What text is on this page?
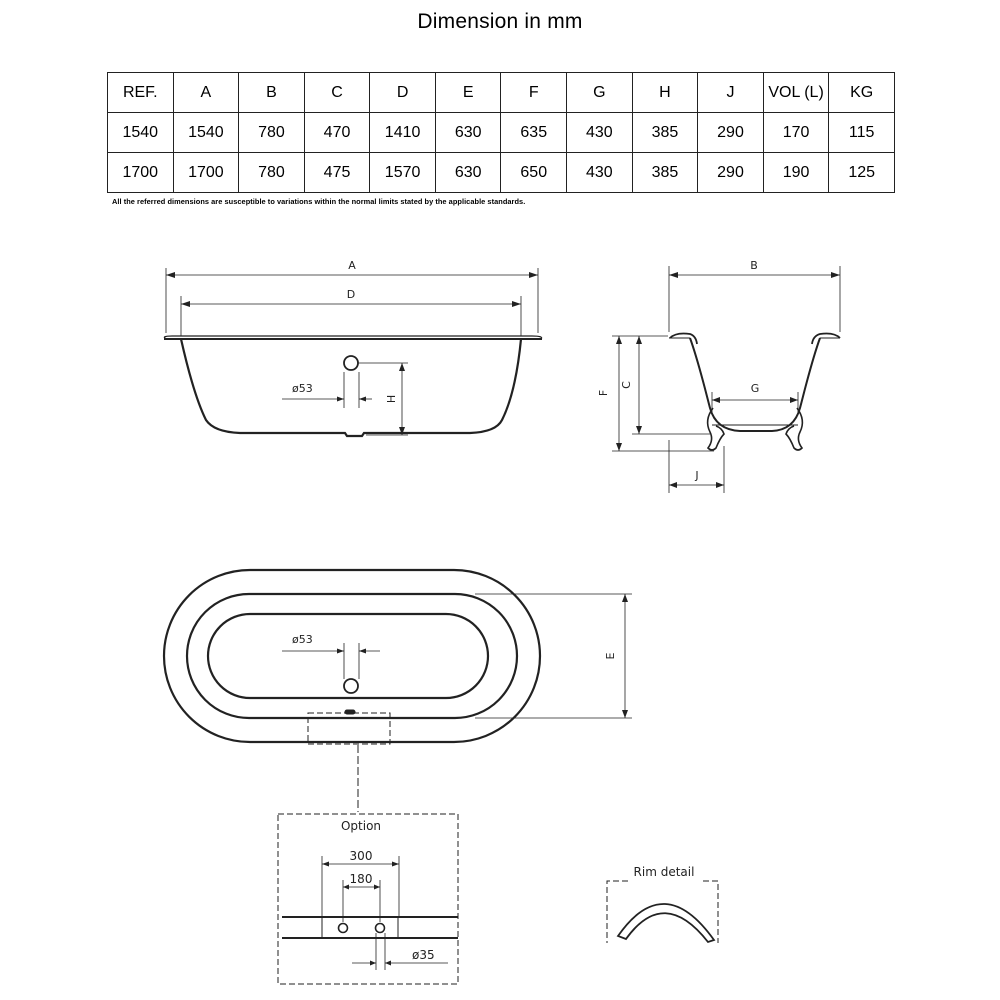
Dimension in mm
REF.	A	B	C	D	E	F	G	H	J	VOL (L)	KG
1540	1540	780	470	1410	630	635	430	385	290	170	115
1700	1700	780	475	1570	630	650	430	385	290	190	125
All the referred dimensions are susceptible to variations within the normal limits stated by the applicable standards.
A
D
ø53
H
B
G
F
C
J
ø53
E
Option
300
180
ø35
Rim detail
